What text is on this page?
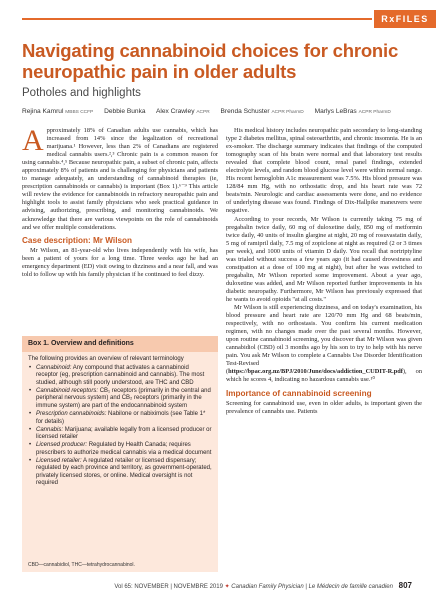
RxFILES
Navigating cannabinoid choices for chronic neuropathic pain in older adults
Potholes and highlights
Rejina Kamrul MBBS CCFP Debbie Bunka Alex Crawley ACPR Brenda Schuster ACPR PharmD Marlys LeBras ACPR PharmD

Approximately 18% of Canadian adults use cannabis, which has increased from 14% since the legalization of recreational marijuana.¹ However, less than 2% of Canadians are registered medical cannabis users.²,³ Chronic pain is a common reason for using cannabis.⁴,⁵ Because neuropathic pain, a subset of chronic pain, affects approximately 8% of patients and is challenging for physicians and patients to manage adequately, an understanding of cannabinoid therapies (ie, prescription cannabinoids or cannabis) is important (Box 1).⁶⁻⁹ This article will review the evidence for cannabinoids in refractory neuropathic pain and highlight tools to assist family physicians who seek practical guidance in advising, authorizing, prescribing, and monitoring cannabinoids. We acknowledge that there are various viewpoints on the role of cannabinoids and we offer multiple considerations.

Case description: Mr Wilson

Mr Wilson, an 81-year-old who lives independently with his wife, has been a patient of yours for a long time. Three weeks ago he had an emergency department (ED) visit owing to dizziness and a near fall, and was told to follow up with his family physician if he continued to feel dizzy.

Box 1. Overview and definitions
The following provides an overview of relevant terminology
• Cannabinoid: Any compound that activates a cannabinoid receptor (eg, prescription cannabinoid and cannabis). The most studied, although still poorly understood, are THC and CBD
• Cannabinoid receptors: CB₁ receptors (primarily in the central and peripheral nervous system) and CB₂ receptors (primarily in the immune system) are part of the endocannabinoid system
• Prescription cannabinoids: Nabilone or nabiximols (see Table 1* for details)
• Cannabis: Marijuana; available legally from a licensed producer or licensed retailer
• Licensed producer: Regulated by Health Canada; requires prescribers to authorize medical cannabis via a medical document
• Licensed retailer: A regulated retailer or licensed dispensary; regulated by each province and territory, as government-operated, privately licensed stores, or online. Medical oversight is not required
CBD—cannabidiol, THC—tetrahydrocannabinol.

His medical history includes neuropathic pain secondary to long-standing type 2 diabetes mellitus, spinal osteoarthritis, and chronic insomnia. He is an ex-smoker. The discharge summary indicates that findings of the computed tomography scan of his brain were normal and that laboratory test results revealed that complete blood count, renal panel findings, extended electrolyte levels, and random blood glucose level were within normal range. His recent hemoglobin A1c measurement was 7.5%. His blood pressure was 128/84 mm Hg, with no orthostatic drop, and his heart rate was 72 beats/min. Neurologic and cardiac assessments were done, and no evidence of underlying disease was found. Findings of Dix-Hallpike maneuvers were negative.

According to your records, Mr Wilson is currently taking 75 mg of pregabalin twice daily, 60 mg of duloxetine daily, 850 mg of metformin twice daily, 40 units of insulin glargine at night, 20 mg of rosuvastatin daily, 5 mg of ramipril daily, 7.5 mg of zopiclone at night as required (2 or 3 times per week), and 1000 units of vitamin D daily. You recall that nortriptyline was trialed without success a few years ago (it had caused drowsiness and constipation at a dose of 100 mg at night), but after he was switched to pregabalin, Mr Wilson reported some improvement. About a year ago, duloxetine was added, and Mr Wilson reported further improvements in his diabetic neuropathy. Furthermore, Mr Wilson has previously expressed that he wants to avoid opioids "at all costs."

Mr Wilson is still experiencing dizziness, and on today's examination, his blood pressure and heart rate are 120/70 mm Hg and 68 beats/min, respectively, with no orthostasis. You confirm his current medication regimen, with no changes made over the past several months. However, upon routine cannabinoid screening, you discover that Mr Wilson was given cannabidiol (CBD) oil 3 months ago by his son to try to help with his nerve pain. You ask Mr Wilson to complete a Cannabis Use Disorder Identification Test-Revised (https://bpac.org.nz/BPJ/2010/June/docs/addiction_CUDIT-R.pdf), on which he scores 4, indicating no hazardous cannabis use.¹⁰

Importance of cannabinoid screening

Screening for cannabinoid use, even in older adults, is important given the prevalence of cannabis use. Patients

Vol 65: NOVEMBER | NOVEMBRE 2019 ✦ Canadian Family Physician | Le Médecin de famille canadien 807
